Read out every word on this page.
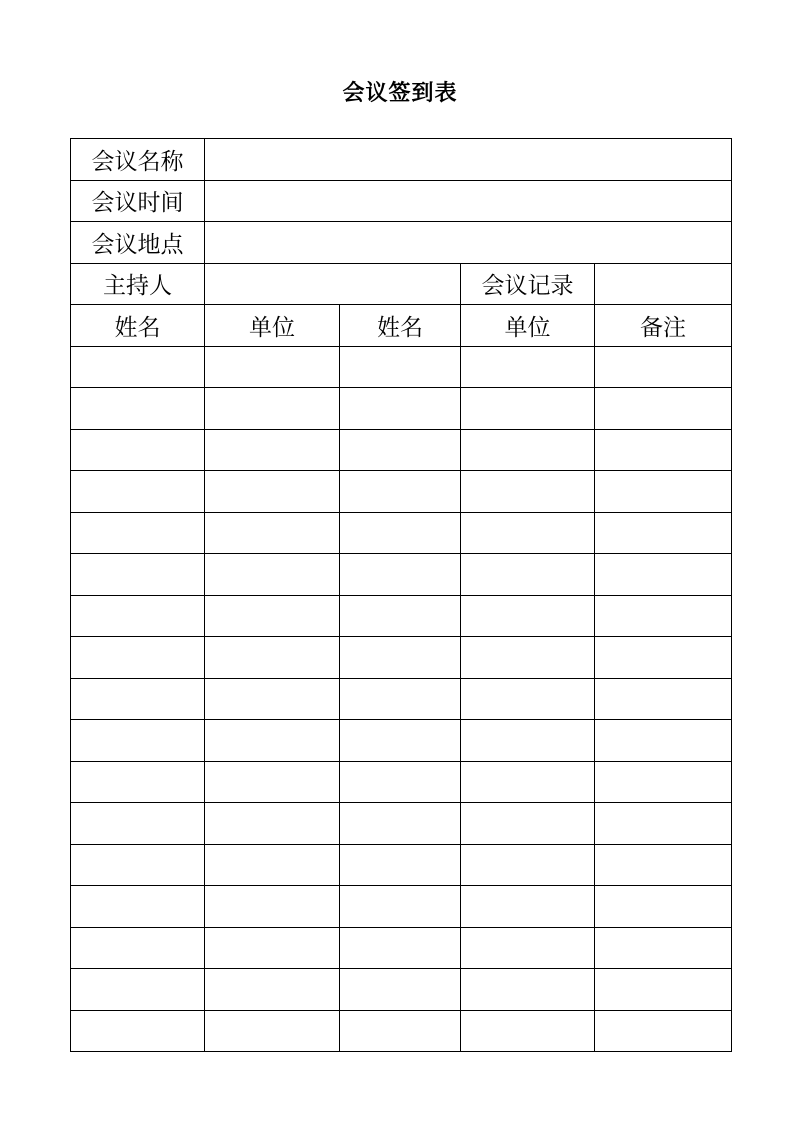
会议签到表
会议名称				
会议时间				
会议地点				
主持人			会议记录	
姓名	单位	姓名	单位	备注
